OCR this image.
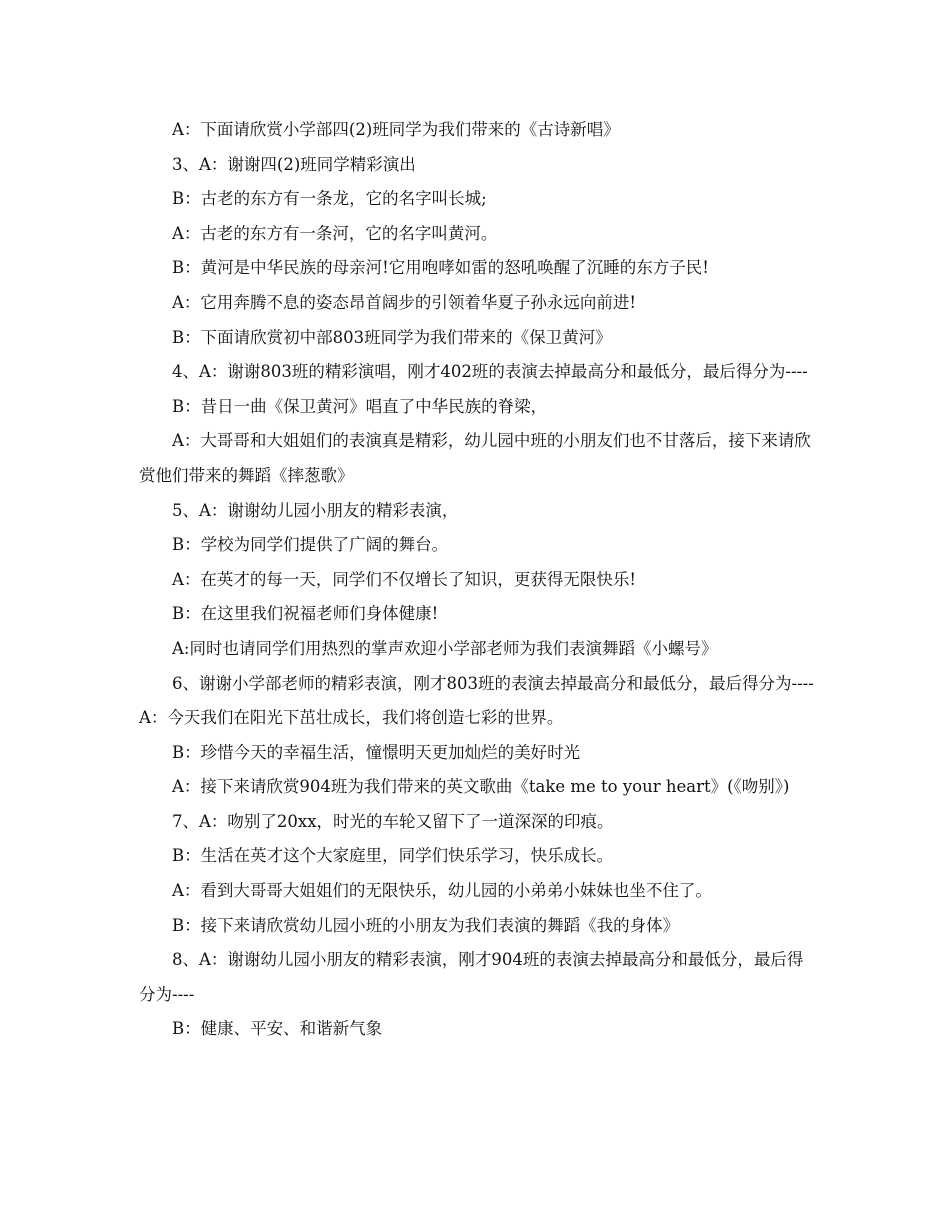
A：下面请欣赏小学部四(2)班同学为我们带来的《古诗新唱》

3、A：谢谢四(2)班同学精彩演出

B：古老的东方有一条龙，它的名字叫长城;

A：古老的东方有一条河，它的名字叫黄河。

B：黄河是中华民族的母亲河!它用咆哮如雷的怒吼唤醒了沉睡的东方子民!

A：它用奔腾不息的姿态昂首阔步的引领着华夏子孙永远向前进!

B：下面请欣赏初中部803班同学为我们带来的《保卫黄河》

4、A：谢谢803班的精彩演唱，刚才402班的表演去掉最高分和最低分，最后得分为----

B：昔日一曲《保卫黄河》唱直了中华民族的脊梁，

A：大哥哥和大姐姐们的表演真是精彩，幼儿园中班的小朋友们也不甘落后，接下来请欣赏他们带来的舞蹈《摔葱歌》

5、A：谢谢幼儿园小朋友的精彩表演，

B：学校为同学们提供了广阔的舞台。

A：在英才的每一天，同学们不仅增长了知识，更获得无限快乐!

B：在这里我们祝福老师们身体健康!

A:同时也请同学们用热烈的掌声欢迎小学部老师为我们表演舞蹈《小螺号》

6、谢谢小学部老师的精彩表演，刚才803班的表演去掉最高分和最低分，最后得分为---- A：今天我们在阳光下茁壮成长，我们将创造七彩的世界。

B：珍惜今天的幸福生活，憧憬明天更加灿烂的美好时光

A：接下来请欣赏904班为我们带来的英文歌曲《take me to your heart》(《吻别》)

7、A：吻别了20xx，时光的车轮又留下了一道深深的印痕。

B：生活在英才这个大家庭里，同学们快乐学习，快乐成长。

A：看到大哥哥大姐姐们的无限快乐，幼儿园的小弟弟小妹妹也坐不住了。

B：接下来请欣赏幼儿园小班的小朋友为我们表演的舞蹈《我的身体》

8、A：谢谢幼儿园小朋友的精彩表演，刚才904班的表演去掉最高分和最低分，最后得分为----

B：健康、平安、和谐新气象
